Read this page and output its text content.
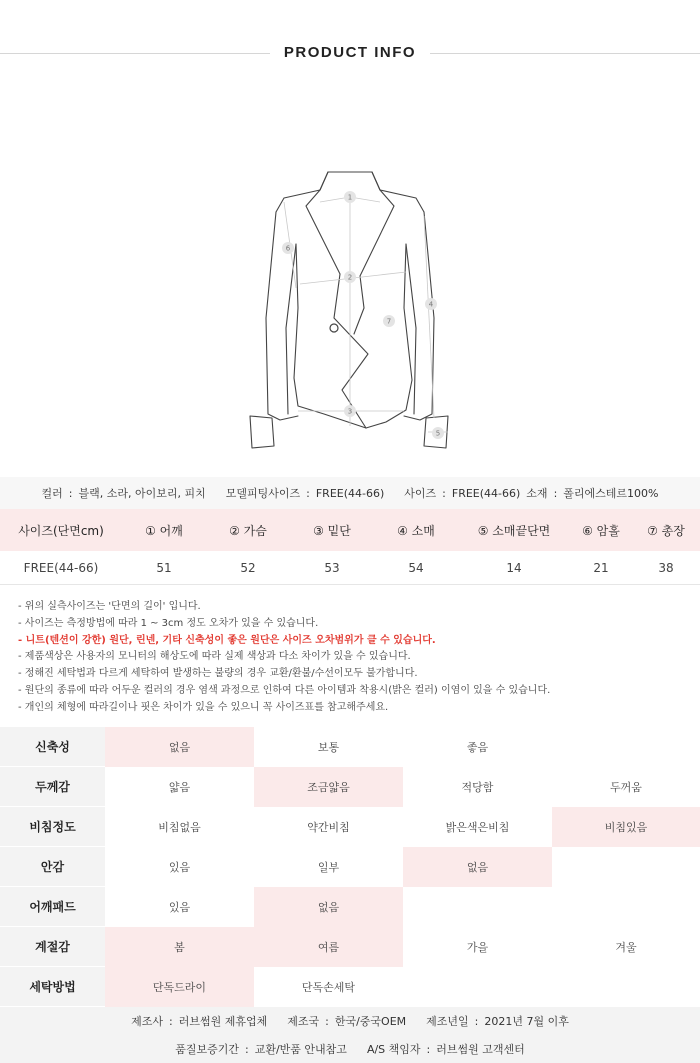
PRODUCT INFO
1
2
3
4
5
6
7
컬러 : 블랙, 소라, 아이보리, 피치 모델피팅사이즈 : FREE(44-66) 사이즈 : FREE(44-66) 소재 : 폴리에스테르100%
사이즈(단면cm)	① 어깨	② 가슴	③ 밑단	④ 소매	⑤ 소매끝단면	⑥ 암홀	⑦ 총장
FREE(44-66)	51	52	53	54	14	21	38
- 위의 실측사이즈는 '단면의 길이' 입니다.
- 사이즈는 측정방법에 따라 1 ~ 3cm 정도 오차가 있을 수 있습니다.
- 니트(텐션이 강한) 원단, 린넨, 기타 신축성이 좋은 원단은 사이즈 오차범위가 클 수 있습니다.
- 제품색상은 사용자의 모니터의 해상도에 따라 실제 색상과 다소 차이가 있을 수 있습니다.
- 정해진 세탁법과 다르게 세탁하여 발생하는 불량의 경우 교환/환불/수선이모두 불가합니다.
- 원단의 종류에 따라 어두운 컬러의 경우 염색 과정으로 인하여 다른 아이템과 착용시(밝은 컬러) 이염이 있을 수 있습니다.
- 개인의 체형에 따라길이나 핏은 차이가 있을 수 있으니 꼭 사이즈표를 참고해주세요.
신축성	없음	보통	좋음
두께감	얇음	조금얇음	적당함	두꺼움
비침정도	비침없음	약간비침	밝은색은비침	비침있음
안감	있음	일부	없음
어깨패드	있음	없음
계절감	봄	여름	가을	겨울
세탁방법	단독드라이	단독손세탁
제조사 : 러브썸원 제휴업체 제조국 : 한국/중국OEM 제조년일 : 2021년 7월 이후
품질보증기간 : 교환/반품 안내참고 A/S 책임자 : 러브썸원 고객센터
